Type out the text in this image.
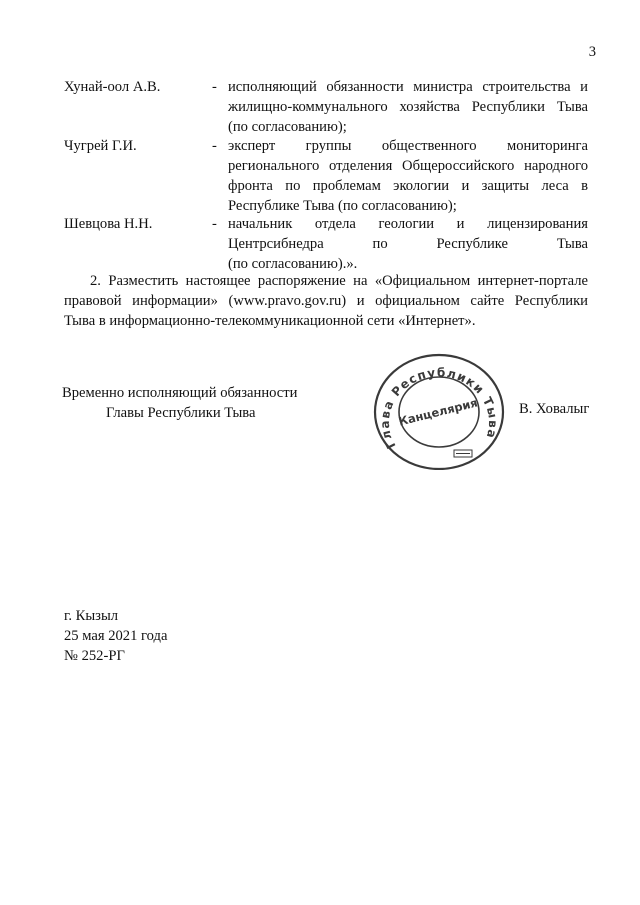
3
Хунай-оол А.В.	- исполняющий обязанности министра строительства и
жилищно-коммунального хозяйства Республики Тыва
(по согласованию);
Чугрей Г.И.	- эксперт группы общественного мониторинга
регионального отделения Общероссийского народного
фронта по проблемам экологии и защиты леса в
Республике Тыва (по согласованию);
Шевцова Н.Н.	- начальник отдела геологии и лицензирования
Центрсибнедра по Республике Тыва
(по согласованию).».
2. Разместить настоящее распоряжение на «Официальном интернет-портале
правовой информации» (www.pravo.gov.ru) и официальном сайте Республики
Тыва в информационно-телекоммуникационной сети «Интернет».
Временно исполняющий обязанности
Главы Республики Тыва	В. Ховалыг
Глава Республики Тыва
Канцелярия
г. Кызыл
25 мая 2021 года
№ 252-РГ
